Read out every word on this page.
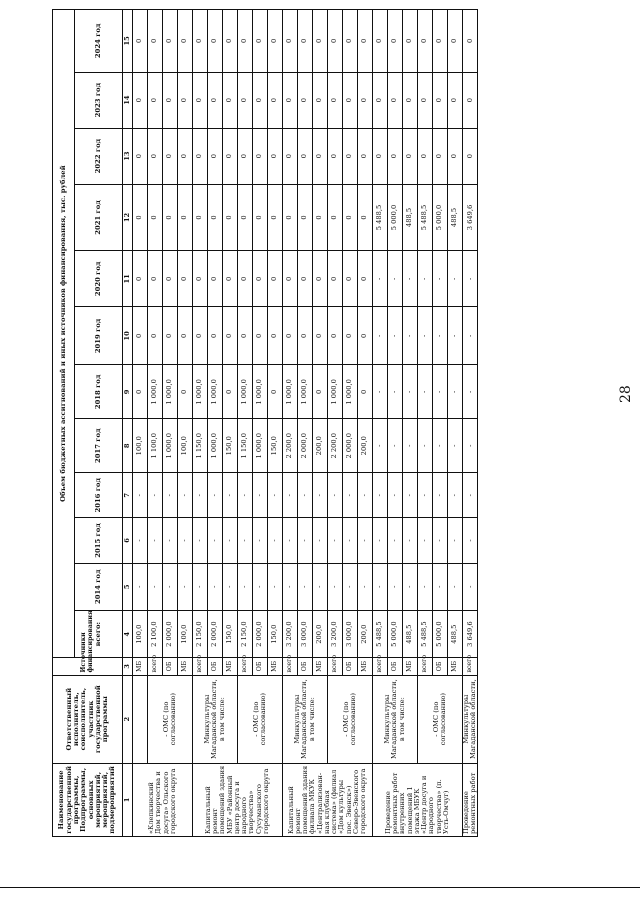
28
Наименование государственной программы, Подпрограммы, основных мероприятий, мероприятий, подмероприятий	Ответственный исполнитель, соисполнитель, участник государственной программы	Источники финансирования	Объем бюджетных ассигнований и иных источников финансирования, тыс. рублей											
			всего:	2014 год	2015 год	2016 год	2017 год	2018 год	2019 год	2020 год	2021 год	2022 год	2023 год	2024 год
1	2	3	4	5	6	7	8	9	10	11	12	13	14	15
«Клепкинский Дом творчества и досуга» Ольского городского округа		МБ	100,0	-	-	-	100,0	0	0	0	0	0	0	0
	- ОМС (по согласованию)	всего	2 100,0	-	-	-	1 100,0	1 000,0	0	0	0	0	0	0
		ОБ	2 000,0	-	-	-	1 000,0	1 000,0	0	0	0	0	0	0
		МБ	100,0	-	-	-	100,0	0	0	0	0	0	0	0
Капитальный ремонт помещений здания МБУ «Районный центр досуга и народного творчества» Сусуманского городского округа	Минкультуры Магаданской области, в том числе:	всего	2 150,0	-	-	-	1 150,0	1 000,0	0	0	0	0	0	0
		ОБ	2 000,0	-	-	-	1 000,0	1 000,0	0	0	0	0	0	0
		МБ	150,0	-	-	-	150,0	0	0	0	0	0	0	0
	- ОМС (по согласованию)	всего	2 150,0	-	-	-	1 150,0	1 000,0	0	0	0	0	0	0
		ОБ	2 000,0	-	-	-	1 000,0	1 000,0	0	0	0	0	0	0
		МБ	150,0	-	-	-	150,0	0	0	0	0	0	0	0
Капитальный ремонт помещений здания филиала МКУК «Централизован-ная клубная система» (филиал «Дом культуры пос. Эвенск») Северо-Эвенского городского округа	Минкультуры Магаданской области, в том числе:	всего	3 200,0	-	-	-	2 200,0	1 000,0	0	0	0	0	0	0
		ОБ	3 000,0	-	-	-	2 000,0	1 000,0	0	0	0	0	0	0
		МБ	200,0	-	-	-	200,0	0	0	0	0	0	0	0
	- ОМС (по согласованию)	всего	3 200,0	-	-	-	2 200,0	1 000,0	0	0	0	0	0	0
		ОБ	3 000,0	-	-	-	2 000,0	1 000,0	0	0	0	0	0	0
		МБ	200,0	-	-	-	200,0	0	0	0	0	0	0	0
Проведение ремонтных работ внутренних помещений 1 этажа МБУК «Центр досуга и народного творчества» (п. Усть-Омчуг)	Минкультуры Магаданской области, в том числе:	всего	5 488,5	-	-	-	-	-	-	-	5 488,5	0	0	0
		ОБ	5 000,0	-	-	-	-	-	-	-	5 000,0	0	0	0
		МБ	488,5	-	-	-	-	-	-	-	488,5	0	0	0
	- ОМС (по согласованию)	всего	5 488,5	-	-	-	-	-	-	-	5 488,5	0	0	0
		ОБ	5 000,0	-	-	-	-	-	-	-	5 000,0	0	0	0
		МБ	488,5	-	-	-	-	-	-	-	488,5	0	0	0
Проведение ремонтных работ	Минкультуры Магаданской области,	всего	3 649,6	-	-	-	-	-	-	-	3 649,6	0	0	0
